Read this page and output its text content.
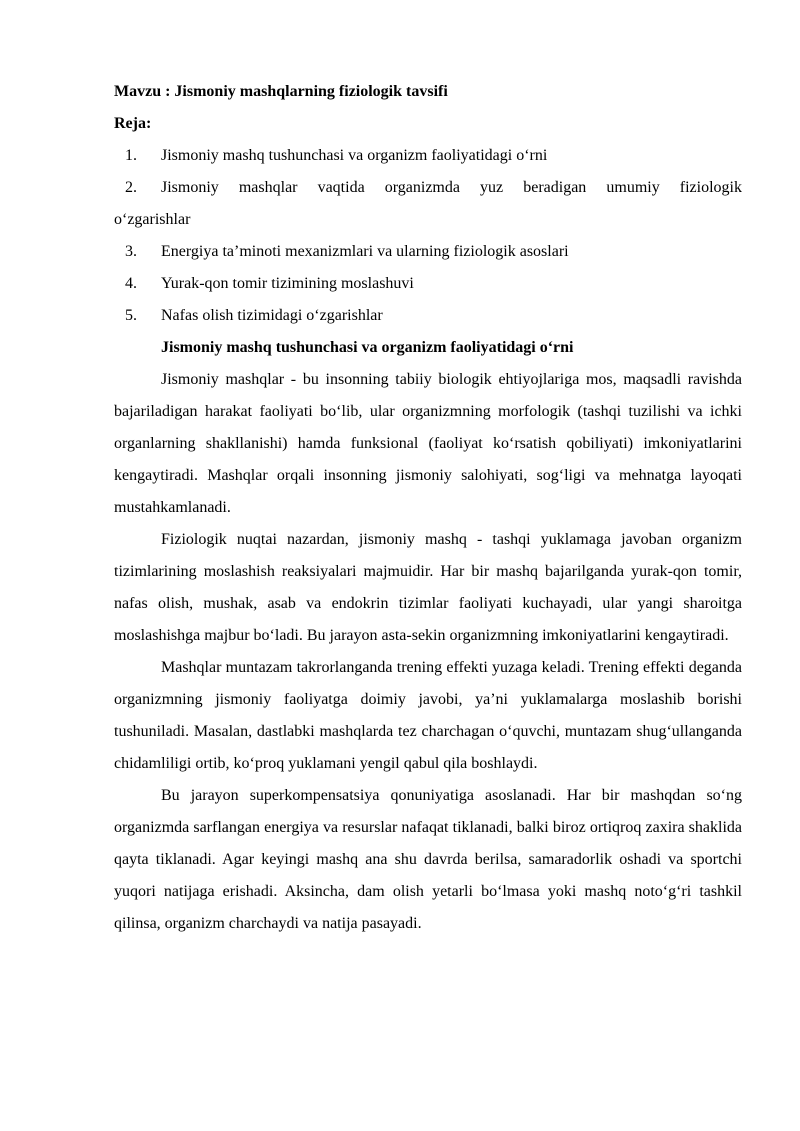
Mavzu : Jismoniy mashqlarning fiziologik tavsifi

Reja:

1. Jismoniy mashq tushunchasi va organizm faoliyatidagi o‘rni
2. Jismoniy mashqlar vaqtida organizmda yuz beradigan umumiy fiziologik
o‘zgarishlar
3. Energiya ta’minoti mexanizmlari va ularning fiziologik asoslari
4. Yurak-qon tomir tizimining moslashuvi
5. Nafas olish tizimidagi o‘zgarishlar

Jismoniy mashq tushunchasi va organizm faoliyatidagi o‘rni

Jismoniy mashqlar - bu insonning tabiiy biologik ehtiyojlariga mos, maqsadli ravishda bajariladigan harakat faoliyati bo‘lib, ular organizmning morfologik (tashqi tuzilishi va ichki organlarning shakllanishi) hamda funksional (faoliyat ko‘rsatish qobiliyati) imkoniyatlarini kengaytiradi. Mashqlar orqali insonning jismoniy salohiyati, sog‘ligi va mehnatga layoqati mustahkamlanadi.

Fiziologik nuqtai nazardan, jismoniy mashq - tashqi yuklamaga javoban organizm tizimlarining moslashish reaksiyalari majmuidir. Har bir mashq bajarilganda yurak-qon tomir, nafas olish, mushak, asab va endokrin tizimlar faoliyati kuchayadi, ular yangi sharoitga moslashishga majbur bo‘ladi. Bu jarayon asta-sekin organizmning imkoniyatlarini kengaytiradi.

Mashqlar muntazam takrorlanganda trening effekti yuzaga keladi. Trening effekti deganda organizmning jismoniy faoliyatga doimiy javobi, ya’ni yuklamalarga moslashib borishi tushuniladi. Masalan, dastlabki mashqlarda tez charchagan o‘quvchi, muntazam shug‘ullanganda chidamliligi ortib, ko‘proq yuklamani yengil qabul qila boshlaydi.

Bu jarayon superkompensatsiya qonuniyatiga asoslanadi. Har bir mashqdan so‘ng organizmda sarflangan energiya va resurslar nafaqat tiklanadi, balki biroz ortiqroq zaxira shaklida qayta tiklanadi. Agar keyingi mashq ana shu davrda berilsa, samaradorlik oshadi va sportchi yuqori natijaga erishadi. Aksincha, dam olish yetarli bo‘lmasa yoki mashq noto‘g‘ri tashkil qilinsa, organizm charchaydi va natija pasayadi.
